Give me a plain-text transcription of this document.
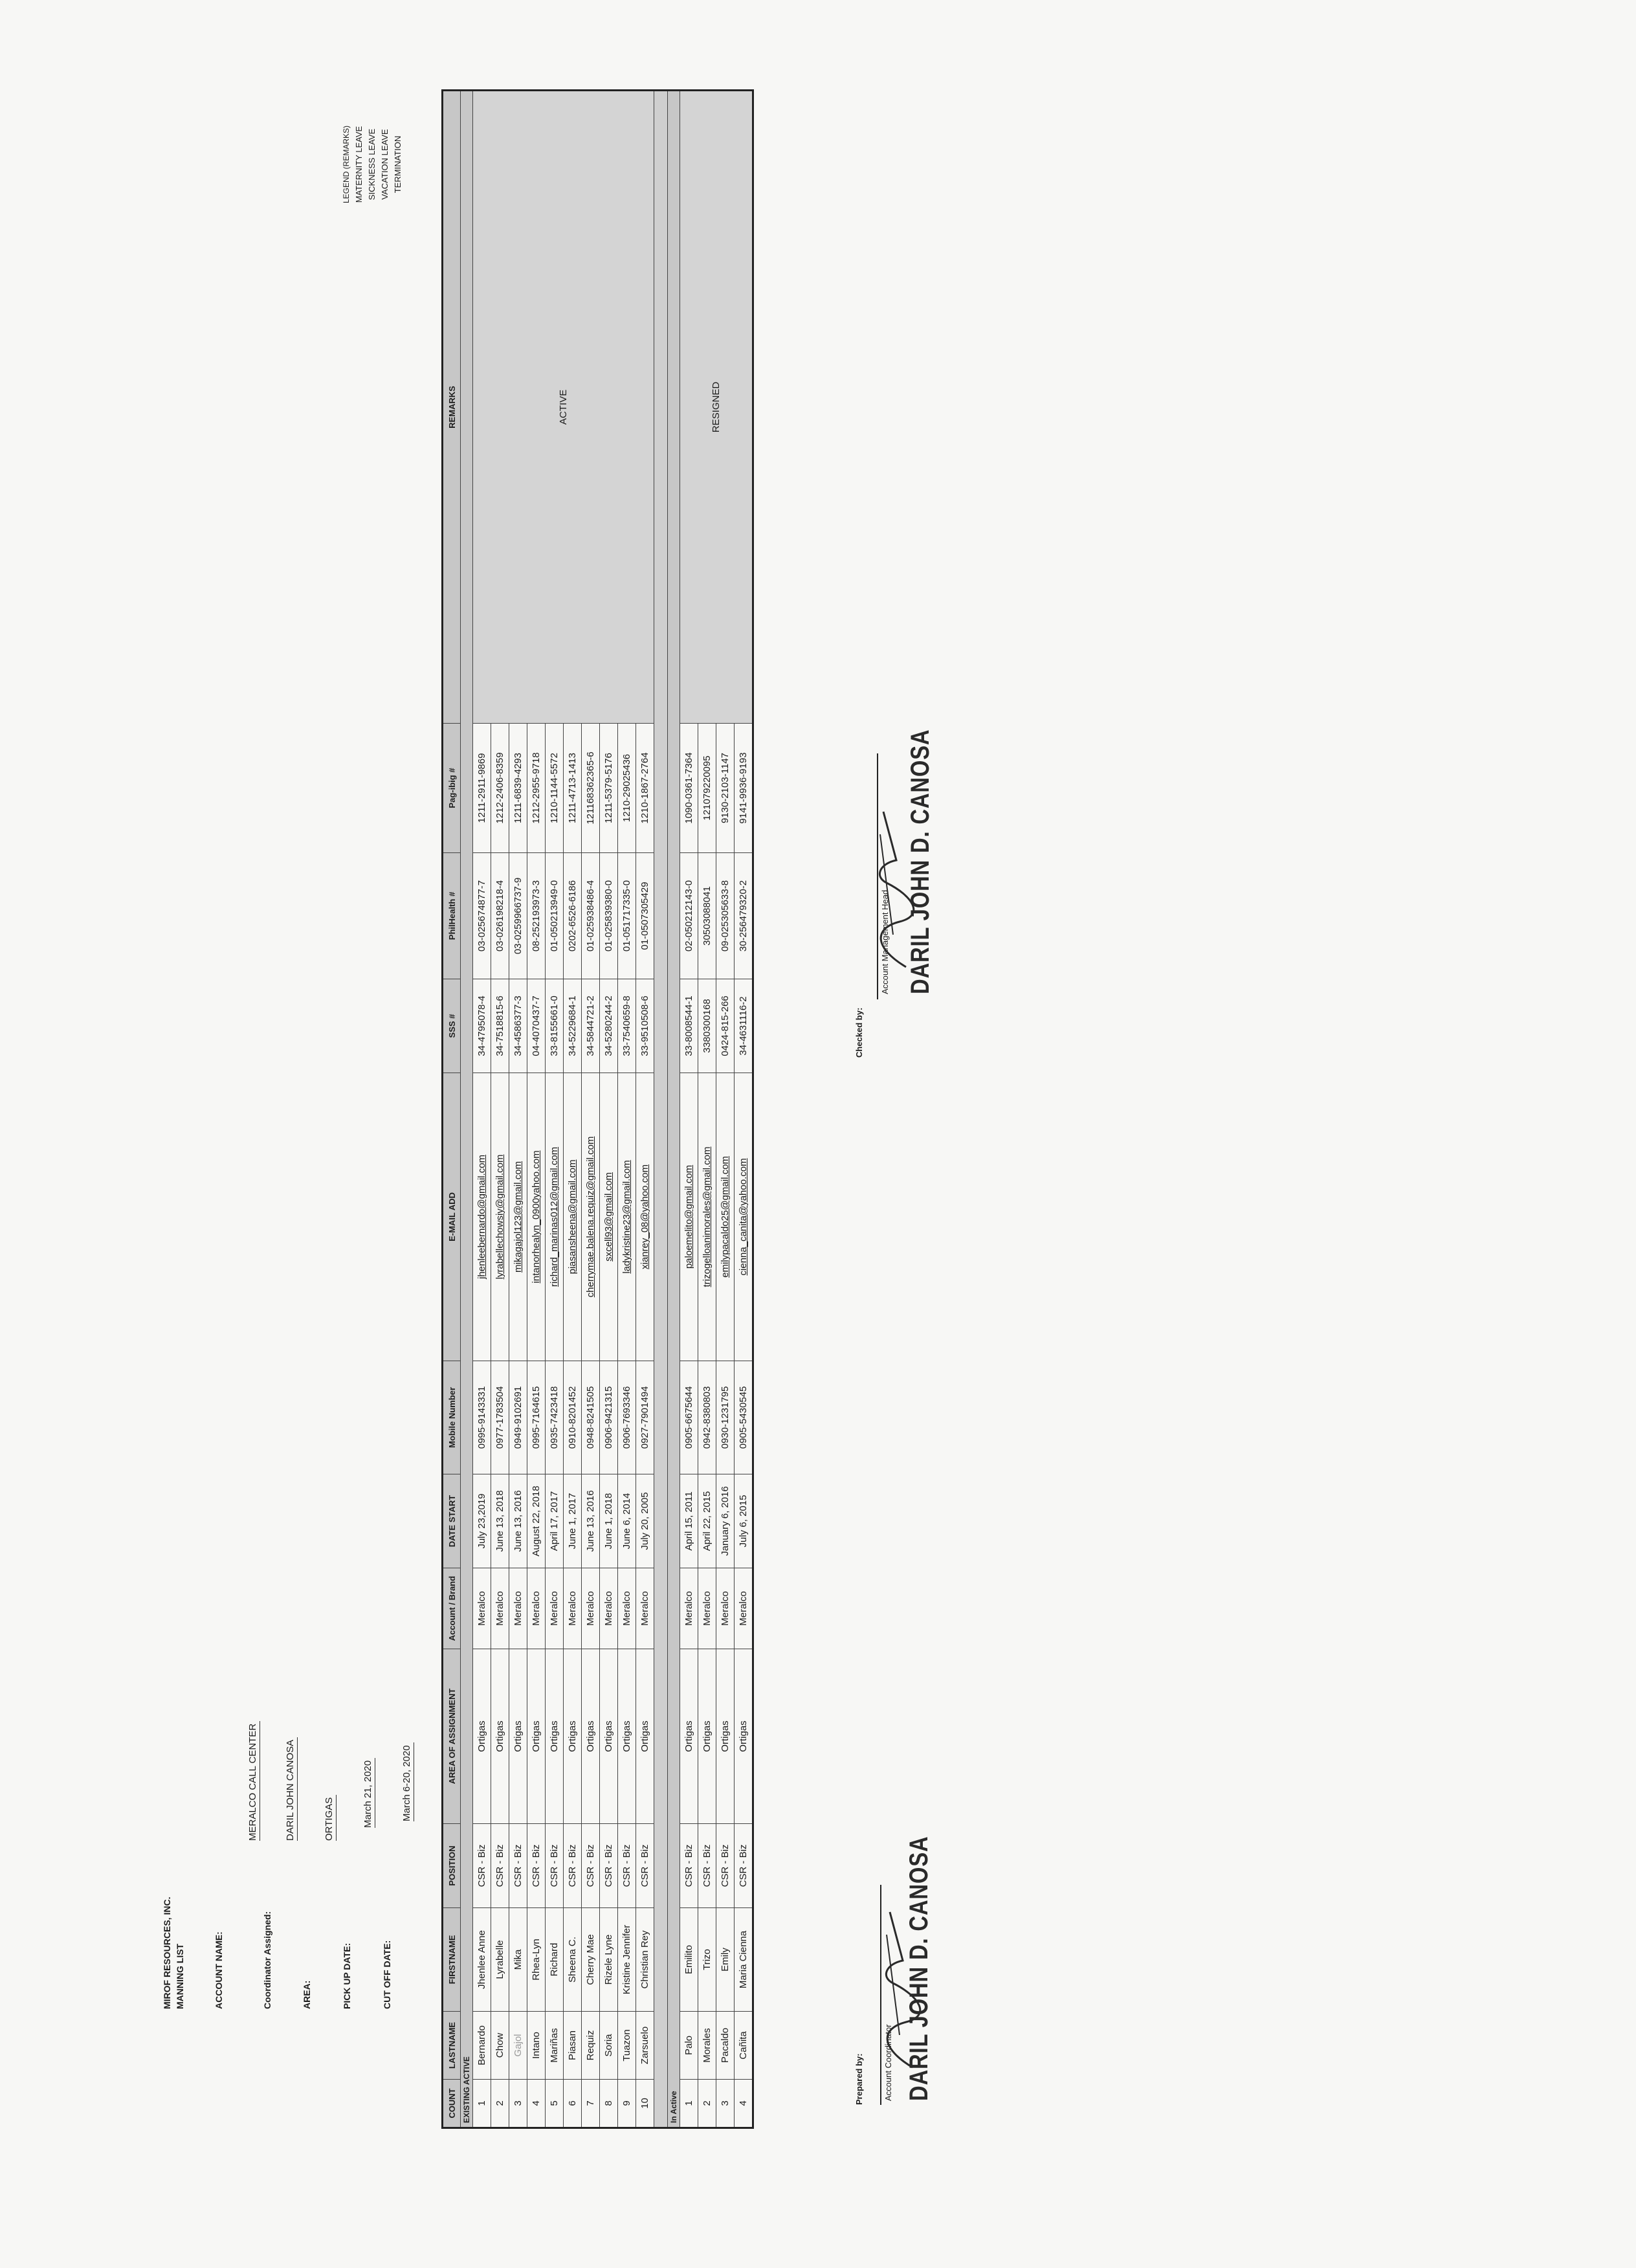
MIROF RESOURCES, INC. MANNING LIST	ACCOUNT NAME:
MERALCO CALL CENTER
Coordinator Assigned:
DARIL JOHN CANOSA
AREA:
ORTIGAS
PICK UP DATE:
March 21, 2020
CUT OFF DATE:
March 6-20, 2020
LEGEND (REMARKS) MATERNITY LEAVE SICKNESS LEAVE VACATION LEAVE TERMINATION
COUNT	LASTNAME	FIRSTNAME	POSITION	AREA OF ASSIGNMENT	Account / Brand	DATE START	Mobile Number	E-MAIL ADD	SSS #	PhilHealth #	Pag-ibig #	REMARKS
EXISTING ACTIVE												
1	Bernardo	Jhenlee Anne	CSR - Biz	Ortigas	Meralco	July 23,2019	0995-9143331	jhenleebernardo@gmail.com	34-4795078-4	03-025674877-7	1211-2911-9869	ACTIVE
2	Chow	Lyrabelle	CSR - Biz	Ortigas	Meralco	June 13, 2018	0977-1783504	lyrabellechowsiy@gmail.com	34-7518815-6	03-026198218-4	1212-2406-8359	
3	Gajol	Mika	CSR - Biz	Ortigas	Meralco	June 13, 2016	0949-9102691	mikagajol123@gmail.com	34-4586377-3	03-0259966737-9	1211-6839-4293	
4	Intano	Rhea-Lyn	CSR - Biz	Ortigas	Meralco	August 22, 2018	0995-7164615	intanorhealyn_0900yahoo.com	04-4070437-7	08-252193973-3	1212-2955-9718	
5	Mariñas	Richard	CSR - Biz	Ortigas	Meralco	April 17, 2017	0935-7423418	richard_marinas012@gmail.com	33-8155661-0	01-050213949-0	1210-1144-5572	
6	Piasan	Sheena C.	CSR - Biz	Ortigas	Meralco	June 1, 2017	0910-8201452	piasansheena@gmail.com	34-5229684-1	0202-6526-6186	1211-4713-1413	
7	Requiz	Cherry Mae	CSR - Biz	Ortigas	Meralco	June 13, 2016	0948-8241505	cherrymae.balena.requiz@gmail.com	34-5844721-2	01-025938486-4	121168362365-6	
8	Soria	Rizele Lyne	CSR - Biz	Ortigas	Meralco	June 1, 2018	0906-9421315	sxcell93@gmail.com	34-5280244-2	01-025839380-0	1211-5379-5176	
9	Tuazon	Kristine Jennifer	CSR - Biz	Ortigas	Meralco	June 6, 2014	0906-7693346	ladykristine23@gmail.com	33-7540659-8	01-051717335-0	1210-29025436	
10	Zarsuelo	Christian Rey	CSR - Biz	Ortigas	Meralco	July 20, 2005	0927-7901494	xianrey_08@yahoo.com	33-9510508-6	01-0507305429	1210-1867-2764	

In Active												
1	Palo	Emilito	CSR - Biz	Ortigas	Meralco	April 15, 2011	0905-6675644	paloemelito@gmail.com	33-8008544-1	02-050212143-0	1090-0361-7364	RESIGNED
2	Morales	Trizo	CSR - Biz	Ortigas	Meralco	April 22, 2015	0942-8380803	trizogelloanimorales@gmail.com	3380300168	30503088041	121079220095	
3	Pacaldo	Emily	CSR - Biz	Ortigas	Meralco	January 6, 2016	0930-1231795	emilypacaldo25@gmail.com	0424-815-266	09-025305633-8	9130-2103-1147	
4	Cañita	Maria Cienna	CSR - Biz	Ortigas	Meralco	July 6, 2015	0905-5430545	cienna_canita@yahoo.com	34-4631116-2	30-256479320-2	9141-9936-9193	
Prepared by: Account Coordinator DARIL JOHN D. CANOSA
Checked by:
Account Management Head DARIL JOHN D. CANOSA
